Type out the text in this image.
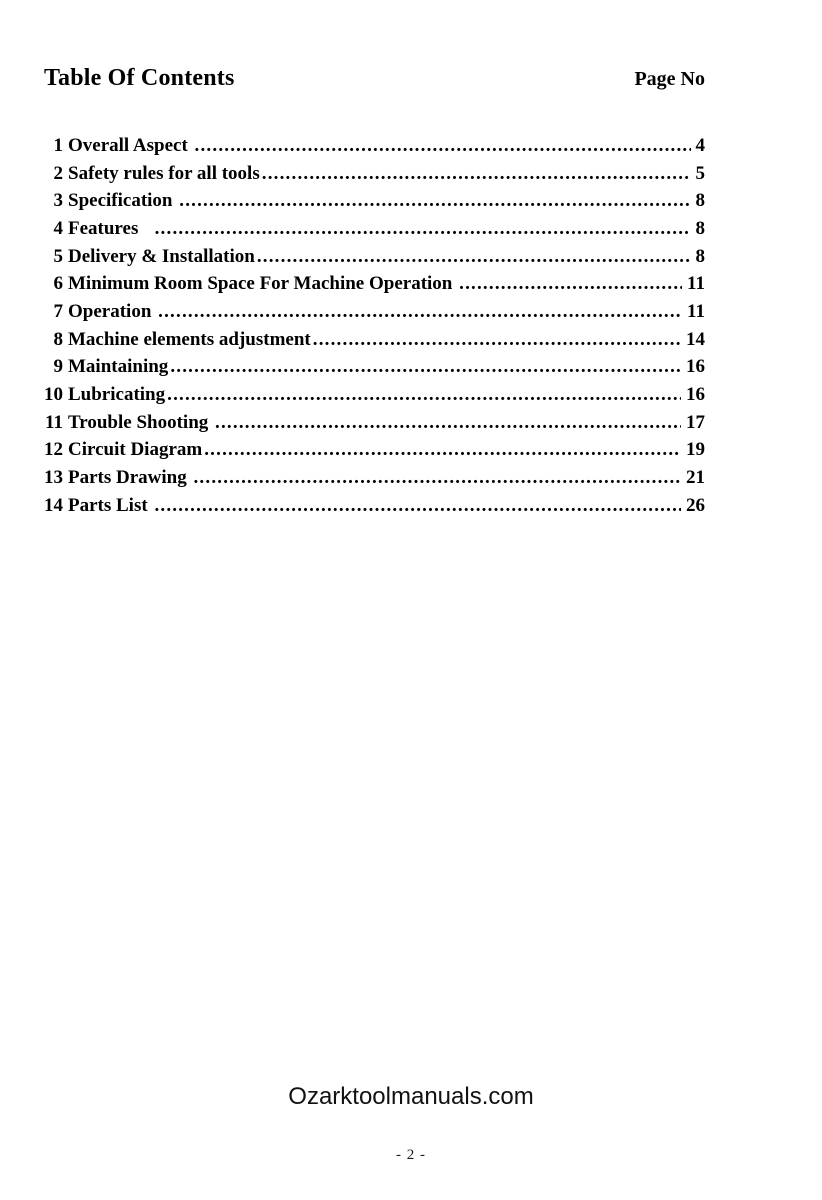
Table Of Contents	Page No
1 Overall Aspect .....	4
2 Safety rules for all tools .....	5
3 Specification .....	8
4 Features .....	8
5 Delivery & Installation .....	8
6 Minimum Room Space For Machine Operation .....	11
7 Operation .....	11
8 Machine elements adjustment .....	14
9 Maintaining .....	16
10 Lubricating .....	16
11 Trouble Shooting .....	17
12 Circuit Diagram .....	19
13 Parts Drawing .....	21
14 Parts List .....	26
Ozarktoolmanuals.com
- 2 -
